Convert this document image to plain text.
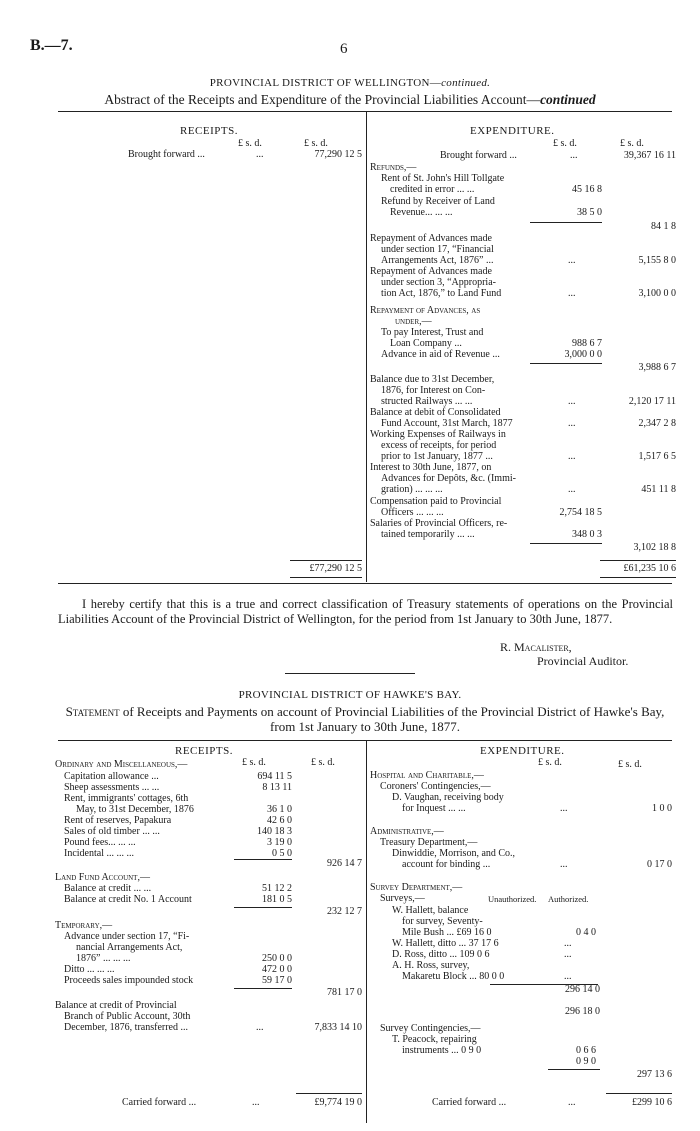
B.—7.	6
PROVINCIAL DISTRICT OF WELLINGTON—continued.
Abstract of the Receipts and Expenditure of the Provincial Liabilities Account—continued
RECEIPTS.
£ s. d.	£ s. d.
Brought forward ...	...	77,290 12 5
£77,290 12 5
EXPENDITURE.
£ s. d.	£ s. d.
Brought forward ...	...	39,367 16 11
Refunds,—
Rent of St. John's Hill Tollgate
credited in error ... ...	45 16 8
Refund by Receiver of Land
Revenue... ... ...	38 5 0
84 1 8
Repayment of Advances made
under section 17, “Financial
Arrangements Act, 1876” ...	...	5,155 8 0
Repayment of Advances made
under section 3, “Appropria-
tion Act, 1876,” to Land Fund	...	3,100 0 0
Repayment of Advances, as
under,—
To pay Interest, Trust and
Loan Company ...	988 6 7
Advance in aid of Revenue ...	3,000 0 0
3,988 6 7
Balance due to 31st December,
1876, for Interest on Con-
structed Railways ... ...	...	2,120 17 11
Balance at debit of Consolidated
Fund Account, 31st March, 1877	...	2,347 2 8
Working Expenses of Railways in
excess of receipts, for period
prior to 1st January, 1877 ...	...	1,517 6 5
Interest to 30th June, 1877, on
Advances for Depôts, &c. (Immi-
gration) ... ... ...	...	451 11 8
Compensation paid to Provincial
Officers ... ... ...	2,754 18 5
Salaries of Provincial Officers, re-
tained temporarily ... ...	348 0 3
3,102 18 8
£61,235 10 6
I hereby certify that this is a true and correct classification of Treasury statements of operations on the Provincial Liabilities Account of the Provincial District of Wellington, for the period from 1st January to 30th June, 1877.
R. Macalister,
Provincial Auditor.
PROVINCIAL DISTRICT OF HAWKE'S BAY.
Statement of Receipts and Payments on account of Provincial Liabilities of the Provincial District of Hawke's Bay, from 1st January to 30th June, 1877.
RECEIPTS.
£ s. d.	£ s. d.
Ordinary and Miscellaneous,—
Capitation allowance ...	694 11 5
Sheep assessments ... ...	8 13 11
Rent, immigrants' cottages, 6th
May, to 31st December, 1876	36 1 0
Rent of reserves, Papakura	42 6 0
Sales of old timber ... ...	140 18 3
Pound fees... ... ...	3 19 0
Incidental ... ... ...	0 5 0
926 14 7
Land Fund Account,—
Balance at credit ... ...	51 12 2
Balance at credit No. 1 Account	181 0 5
232 12 7
Temporary,—
Advance under section 17, “Fi-
nancial Arrangements Act,
1876” ... ... ...	250 0 0
Ditto ... ... ...	472 0 0
Proceeds sales impounded stock	59 17 0
781 17 0
Balance at credit of Provincial
Branch of Public Account, 30th
December, 1876, transferred ...	...	7,833 14 10
Carried forward ...	...	£9,774 19 0
EXPENDITURE.
£ s. d.	£ s. d.
Hospital and Charitable,—
Coroners' Contingencies,—
D. Vaughan, receiving body
for Inquest ... ...	...	1 0 0
Administrative,—
Treasury Department,—
Dinwiddie, Morrison, and Co.,
account for binding ...	...	0 17 0
Survey Department,—
Surveys,—	Unauthorized. Authorized.
W. Hallett, balance
for survey, Seventy-
Mile Bush ... £69 16 0	0 4 0
W. Hallett, ditto ... 37 17 6	...
D. Ross, ditto ... 109 0 6	...
A. H. Ross, survey,
Makaretu Block ... 80 0 0	...
296 14 0
296 18 0
Survey Contingencies,—
T. Peacock, repairing
instruments ... 0 9 0	0 6 6
0 9 0
297 13 6
Carried forward ...	...	£299 10 6
